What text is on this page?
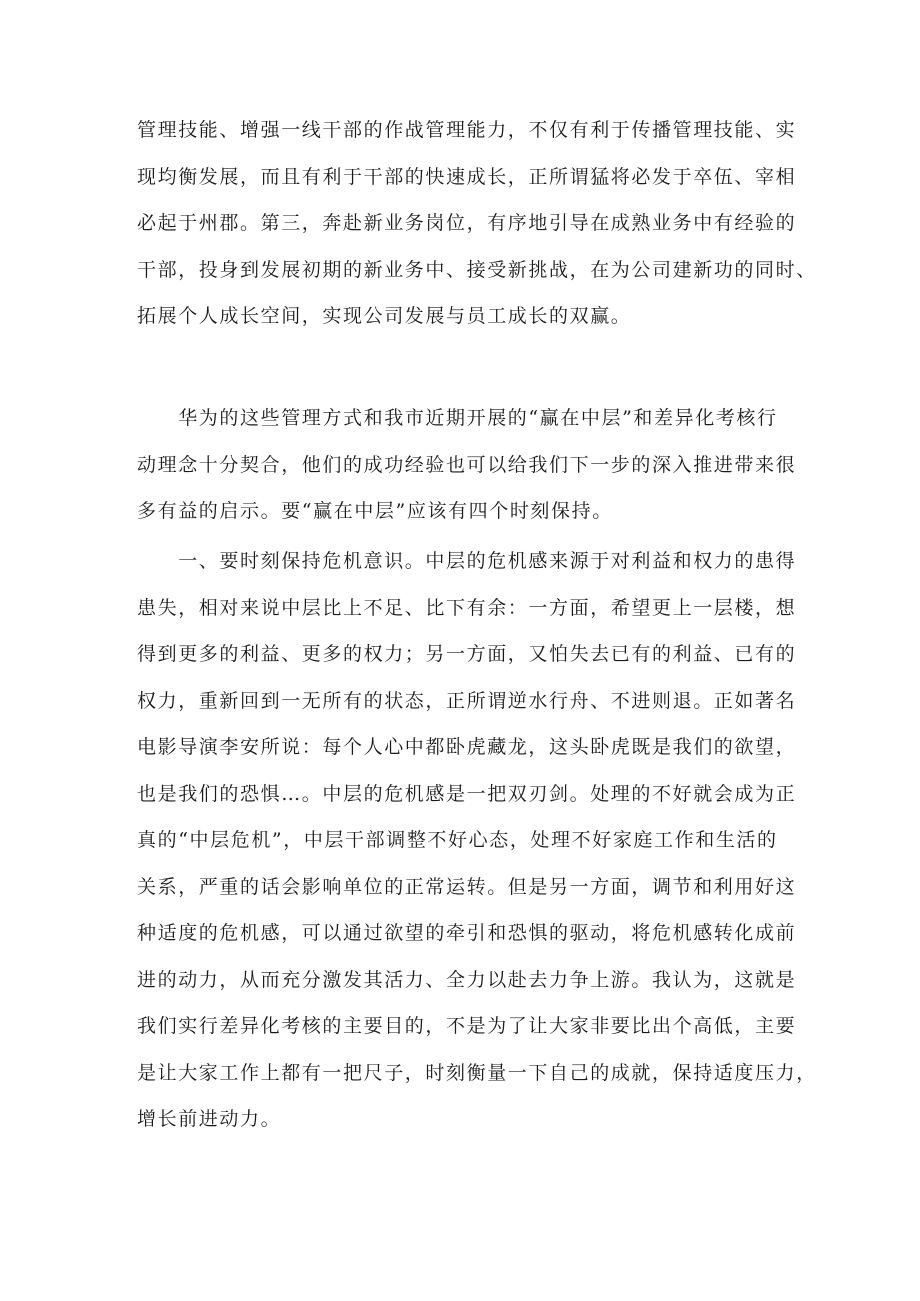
管理技能、增强一线干部的作战管理能力，不仅有利于传播管理技能、实
现均衡发展，而且有利于干部的快速成长，正所谓猛将必发于卒伍、宰相
必起于州郡。第三，奔赴新业务岗位，有序地引导在成熟业务中有经验的
干部，投身到发展初期的新业务中、接受新挑战，在为公司建新功的同时、
拓展个人成长空间，实现公司发展与员工成长的双赢。
　　华为的这些管理方式和我市近期开展的“赢在中层”和差异化考核行
动理念十分契合，他们的成功经验也可以给我们下一步的深入推进带来很
多有益的启示。要“赢在中层”应该有四个时刻保持。
　　一、要时刻保持危机意识。中层的危机感来源于对利益和权力的患得
患失，相对来说中层比上不足、比下有余：一方面，希望更上一层楼，想
得到更多的利益、更多的权力；另一方面，又怕失去已有的利益、已有的
权力，重新回到一无所有的状态，正所谓逆水行舟、不进则退。正如著名
电影导演李安所说：每个人心中都卧虎藏龙，这头卧虎既是我们的欲望，
也是我们的恐惧…。中层的危机感是一把双刃剑。处理的不好就会成为正
真的“中层危机”，中层干部调整不好心态，处理不好家庭工作和生活的
关系，严重的话会影响单位的正常运转。但是另一方面，调节和利用好这
种适度的危机感，可以通过欲望的牵引和恐惧的驱动，将危机感转化成前
进的动力，从而充分激发其活力、全力以赴去力争上游。我认为，这就是
我们实行差异化考核的主要目的，不是为了让大家非要比出个高低，主要
是让大家工作上都有一把尺子，时刻衡量一下自己的成就，保持适度压力，
增长前进动力。
